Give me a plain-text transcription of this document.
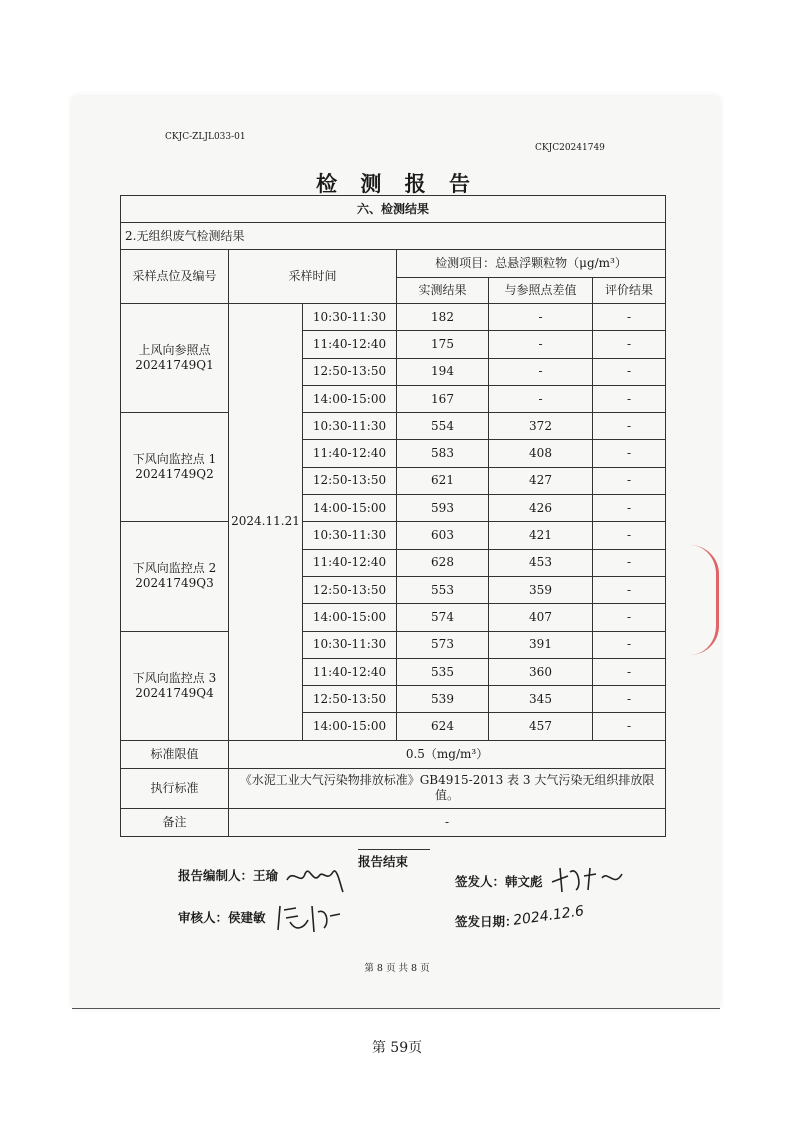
CKJC-ZLJL033-01
CKJC20241749
检 测 报 告
六、检测结果					
2.无组织废气检测结果					
采样点位及编号	采样时间		检测项目：总悬浮颗粒物（μg/m³）		
			实测结果	与参照点差值	评价结果

上风向参照点
20241749Q1	2024.11.21	10:30-11:30	182	-	-
		11:40-12:40	175	-	-
		12:50-13:50	194	-	-
		14:00-15:00	167	-	-

下风向监控点 1
20241749Q2		10:30-11:30	554	372	-
		11:40-12:40	583	408	-
		12:50-13:50	621	427	-
		14:00-15:00	593	426	-

下风向监控点 2
20241749Q3		10:30-11:30	603	421	-
		11:40-12:40	628	453	-
		12:50-13:50	553	359	-
		14:00-15:00	574	407	-

下风向监控点 3
20241749Q4		10:30-11:30	573	391	-
		11:40-12:40	535	360	-
		12:50-13:50	539	345	-
		14:00-15:00	624	457	-
标准限值	0.5（mg/m³）				
执行标准	《水泥工业大气污染物排放标准》GB4915-2013 表 3 大气污染无组织排放限值。				
备注	-				
报告结束
报告编制人：王瑜	签发人：韩文彪
审核人：侯建敏	签发日期：
2024.12.6
第 8 页 共 8 页
第 59页
